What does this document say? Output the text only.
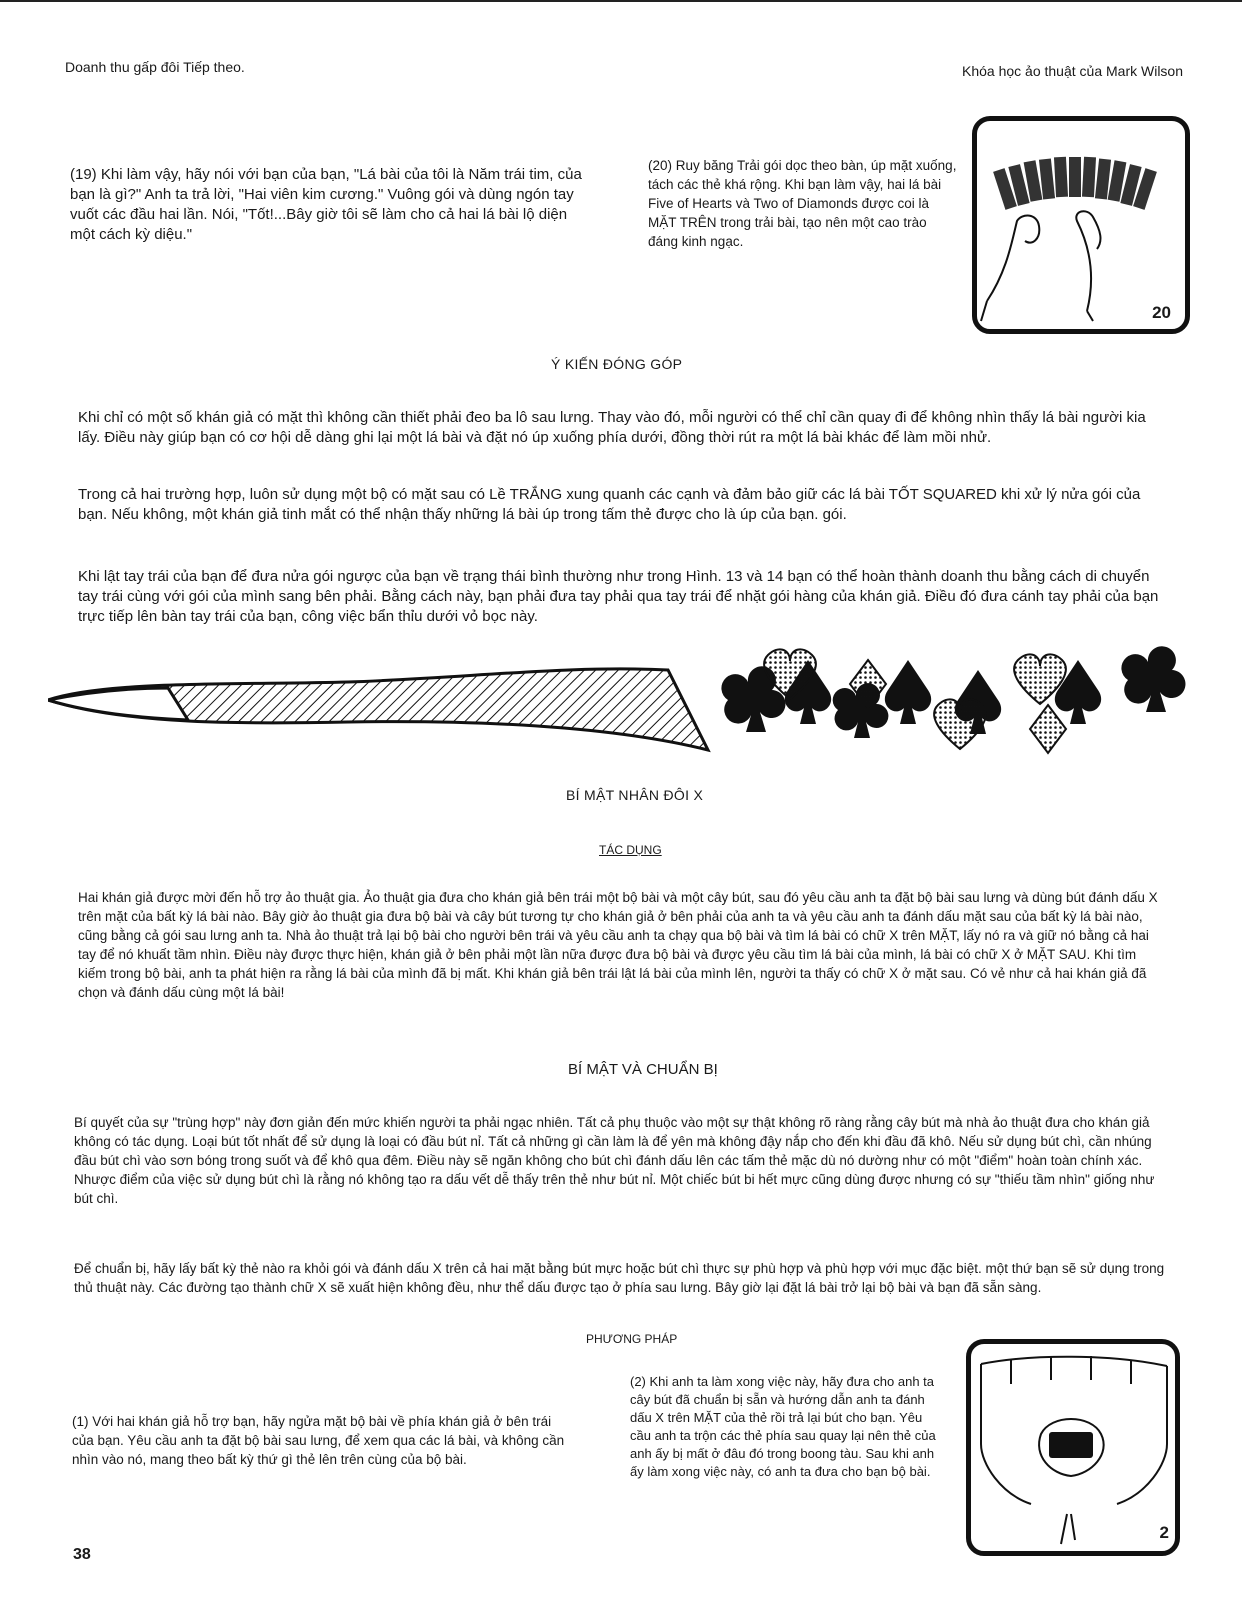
Doanh thu gấp đôi Tiếp theo.	Khóa học ảo thuật của Mark Wilson

(19) Khi làm vậy, hãy nói với bạn của bạn, "Lá bài của tôi là Năm trái tim, của bạn là gì?" Anh ta trả lời, "Hai viên kim cương." Vuông gói và dùng ngón tay vuốt các đầu hai lần. Nói, "Tốt!...Bây giờ tôi sẽ làm cho cả hai lá bài lộ diện một cách kỳ diệu."

(20) Ruy băng Trải gói dọc theo bàn, úp mặt xuống, tách các thẻ khá rộng. Khi bạn làm vậy, hai lá bài Five of Hearts và Two of Diamonds được coi là MẶT TRÊN trong trải bài, tạo nên một cao trào đáng kinh ngạc.

20
Ý KIẾN ĐÓNG GÓP

Khi chỉ có một số khán giả có mặt thì không cần thiết phải đeo ba lô sau lưng. Thay vào đó, mỗi người có thể chỉ cần quay đi để không nhìn thấy lá bài người kia lấy. Điều này giúp bạn có cơ hội dễ dàng ghi lại một lá bài và đặt nó úp xuống phía dưới, đồng thời rút ra một lá bài khác để làm mồi nhử.

Trong cả hai trường hợp, luôn sử dụng một bộ có mặt sau có Lề TRẮNG xung quanh các cạnh và đảm bảo giữ các lá bài TỐT SQUARED khi xử lý nửa gói của bạn. Nếu không, một khán giả tinh mắt có thể nhận thấy những lá bài úp trong tấm thẻ được cho là úp của bạn. gói.

Khi lật tay trái của bạn để đưa nửa gói ngược của bạn về trạng thái bình thường như trong Hình. 13 và 14 bạn có thể hoàn thành doanh thu bằng cách di chuyển tay trái cùng với gói của mình sang bên phải. Bằng cách này, bạn phải đưa tay phải qua tay trái để nhặt gói hàng của khán giả. Điều đó đưa cánh tay phải của bạn trực tiếp lên bàn tay trái của bạn, công việc bẩn thỉu dưới vỏ bọc này.

BÍ MẬT NHÂN ĐÔI X
TÁC DỤNG

Hai khán giả được mời đến hỗ trợ ảo thuật gia. Ảo thuật gia đưa cho khán giả bên trái một bộ bài và một cây bút, sau đó yêu cầu anh ta đặt bộ bài sau lưng và dùng bút đánh dấu X trên mặt của bất kỳ lá bài nào. Bây giờ ảo thuật gia đưa bộ bài và cây bút tương tự cho khán giả ở bên phải của anh ta và yêu cầu anh ta đánh dấu mặt sau của bất kỳ lá bài nào, cũng bằng cả gói sau lưng anh ta. Nhà ảo thuật trả lại bộ bài cho người bên trái và yêu cầu anh ta chạy qua bộ bài và tìm lá bài có chữ X trên MẶT, lấy nó ra và giữ nó bằng cả hai tay để nó khuất tầm nhìn. Điều này được thực hiện, khán giả ở bên phải một lần nữa được đưa bộ bài và được yêu cầu tìm lá bài của mình, lá bài có chữ X ở MẶT SAU. Khi tìm kiếm trong bộ bài, anh ta phát hiện ra rằng lá bài của mình đã bị mất. Khi khán giả bên trái lật lá bài của mình lên, người ta thấy có chữ X ở mặt sau. Có vẻ như cả hai khán giả đã chọn và đánh dấu cùng một lá bài!

BÍ MẬT VÀ CHUẨN BỊ

Bí quyết của sự "trùng hợp" này đơn giản đến mức khiến người ta phải ngạc nhiên. Tất cả phụ thuộc vào một sự thật không rõ ràng rằng cây bút mà nhà ảo thuật đưa cho khán giả không có tác dụng. Loại bút tốt nhất để sử dụng là loại có đầu bút nỉ. Tất cả những gì cần làm là để yên mà không đậy nắp cho đến khi đầu đã khô. Nếu sử dụng bút chì, cần nhúng đầu bút chì vào sơn bóng trong suốt và để khô qua đêm. Điều này sẽ ngăn không cho bút chì đánh dấu lên các tấm thẻ mặc dù nó dường như có một "điểm" hoàn toàn chính xác. Nhược điểm của việc sử dụng bút chì là rằng nó không tạo ra dấu vết dễ thấy trên thẻ như bút nỉ. Một chiếc bút bi hết mực cũng dùng được nhưng có sự "thiếu tầm nhìn" giống như bút chì.

Để chuẩn bị, hãy lấy bất kỳ thẻ nào ra khỏi gói và đánh dấu X trên cả hai mặt bằng bút mực hoặc bút chì thực sự phù hợp và phù hợp với mục đặc biệt. một thứ bạn sẽ sử dụng trong thủ thuật này. Các đường tạo thành chữ X sẽ xuất hiện không đều, như thể dấu được tạo ở phía sau lưng. Bây giờ lại đặt lá bài trở lại bộ bài và bạn đã sẵn sàng.

PHƯƠNG PHÁP

(1) Với hai khán giả hỗ trợ bạn, hãy ngửa mặt bộ bài về phía khán giả ở bên trái của bạn. Yêu cầu anh ta đặt bộ bài sau lưng, để xem qua các lá bài, và không cần nhìn vào nó, mang theo bất kỳ thứ gì thẻ lên trên cùng của bộ bài.

(2) Khi anh ta làm xong việc này, hãy đưa cho anh ta cây bút đã chuẩn bị sẵn và hướng dẫn anh ta đánh dấu X trên MẶT của thẻ rồi trả lại bút cho bạn. Yêu cầu anh ta trộn các thẻ phía sau quay lại nên thẻ của anh ấy bị mất ở đâu đó trong boong tàu. Sau khi anh ấy làm xong việc này, có anh ta đưa cho bạn bộ bài.

2
38
